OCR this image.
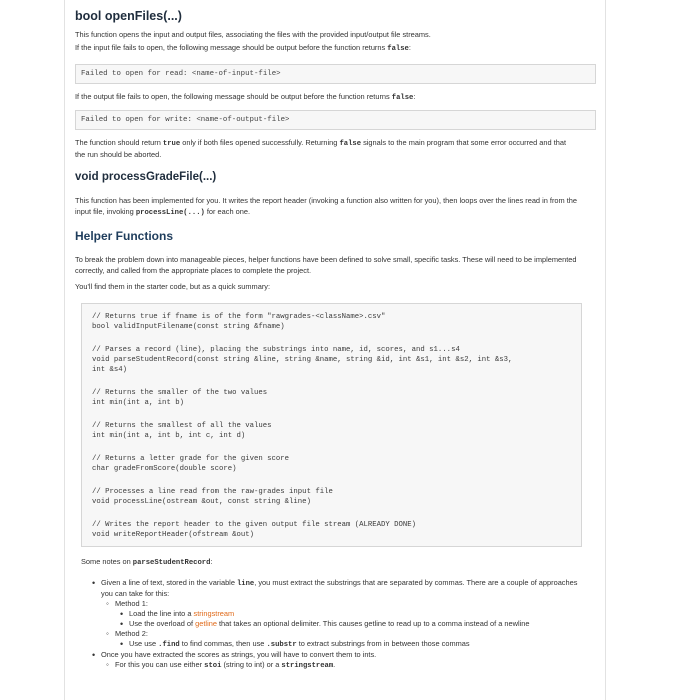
bool openFiles(...)

This function opens the input and output files, associating the files with the provided input/output file streams.

If the input file fails to open, the following message should be output before the function returns false:

Failed to open for read: <name-of-input-file>

If the output file fails to open, the following message should be output before the function returns false:

Failed to open for write: <name-of-output-file>

The function should return true only if both files opened successfully. Returning false signals to the main program that some error occurred and that the run should be aborted.

void processGradeFile(...)

This function has been implemented for you. It writes the report header (invoking a function also written for you), then loops over the lines read in from the input file, invoking processLine(...) for each one.

Helper Functions

To break the problem down into manageable pieces, helper functions have been defined to solve small, specific tasks. These will need to be implemented correctly, and called from the appropriate places to complete the project.

You'll find them in the starter code, but as a quick summary:

// Returns true if fname is of the form "rawgrades-<className>.csv"
bool validInputFilename(const string &fname)
// Parses a record (line), placing the substrings into name, id, scores, and s1...s4
void parseStudentRecord(const string &line, string &name, string &id, int &s1, int &s2, int &s3,
int &s4)
// Returns the smaller of the two values
int min(int a, int b)
// Returns the smallest of all the values
int min(int a, int b, int c, int d)
// Returns a letter grade for the given score
char gradeFromScore(double score)
// Processes a line read from the raw-grades input file
void processLine(ostream &out, const string &line)
// Writes the report header to the given output file stream (ALREADY DONE)
void writeReportHeader(ofstream &out)

Some notes on parseStudentRecord:

• Given a line of text, stored in the variable line, you must extract the substrings that are separated by commas. There are a couple of approaches you can take for this:
◦ Method 1:
• Load the line into a stringstream
• Use the overload of getline that takes an optional delimiter. This causes getline to read up to a comma instead of a newline
◦ Method 2:
• Use use .find to find commas, then use .substr to extract substrings from in between those commas
• Once you have extracted the scores as strings, you will have to convert them to ints.
◦ For this you can use either stoi (string to int) or a stringstream.
